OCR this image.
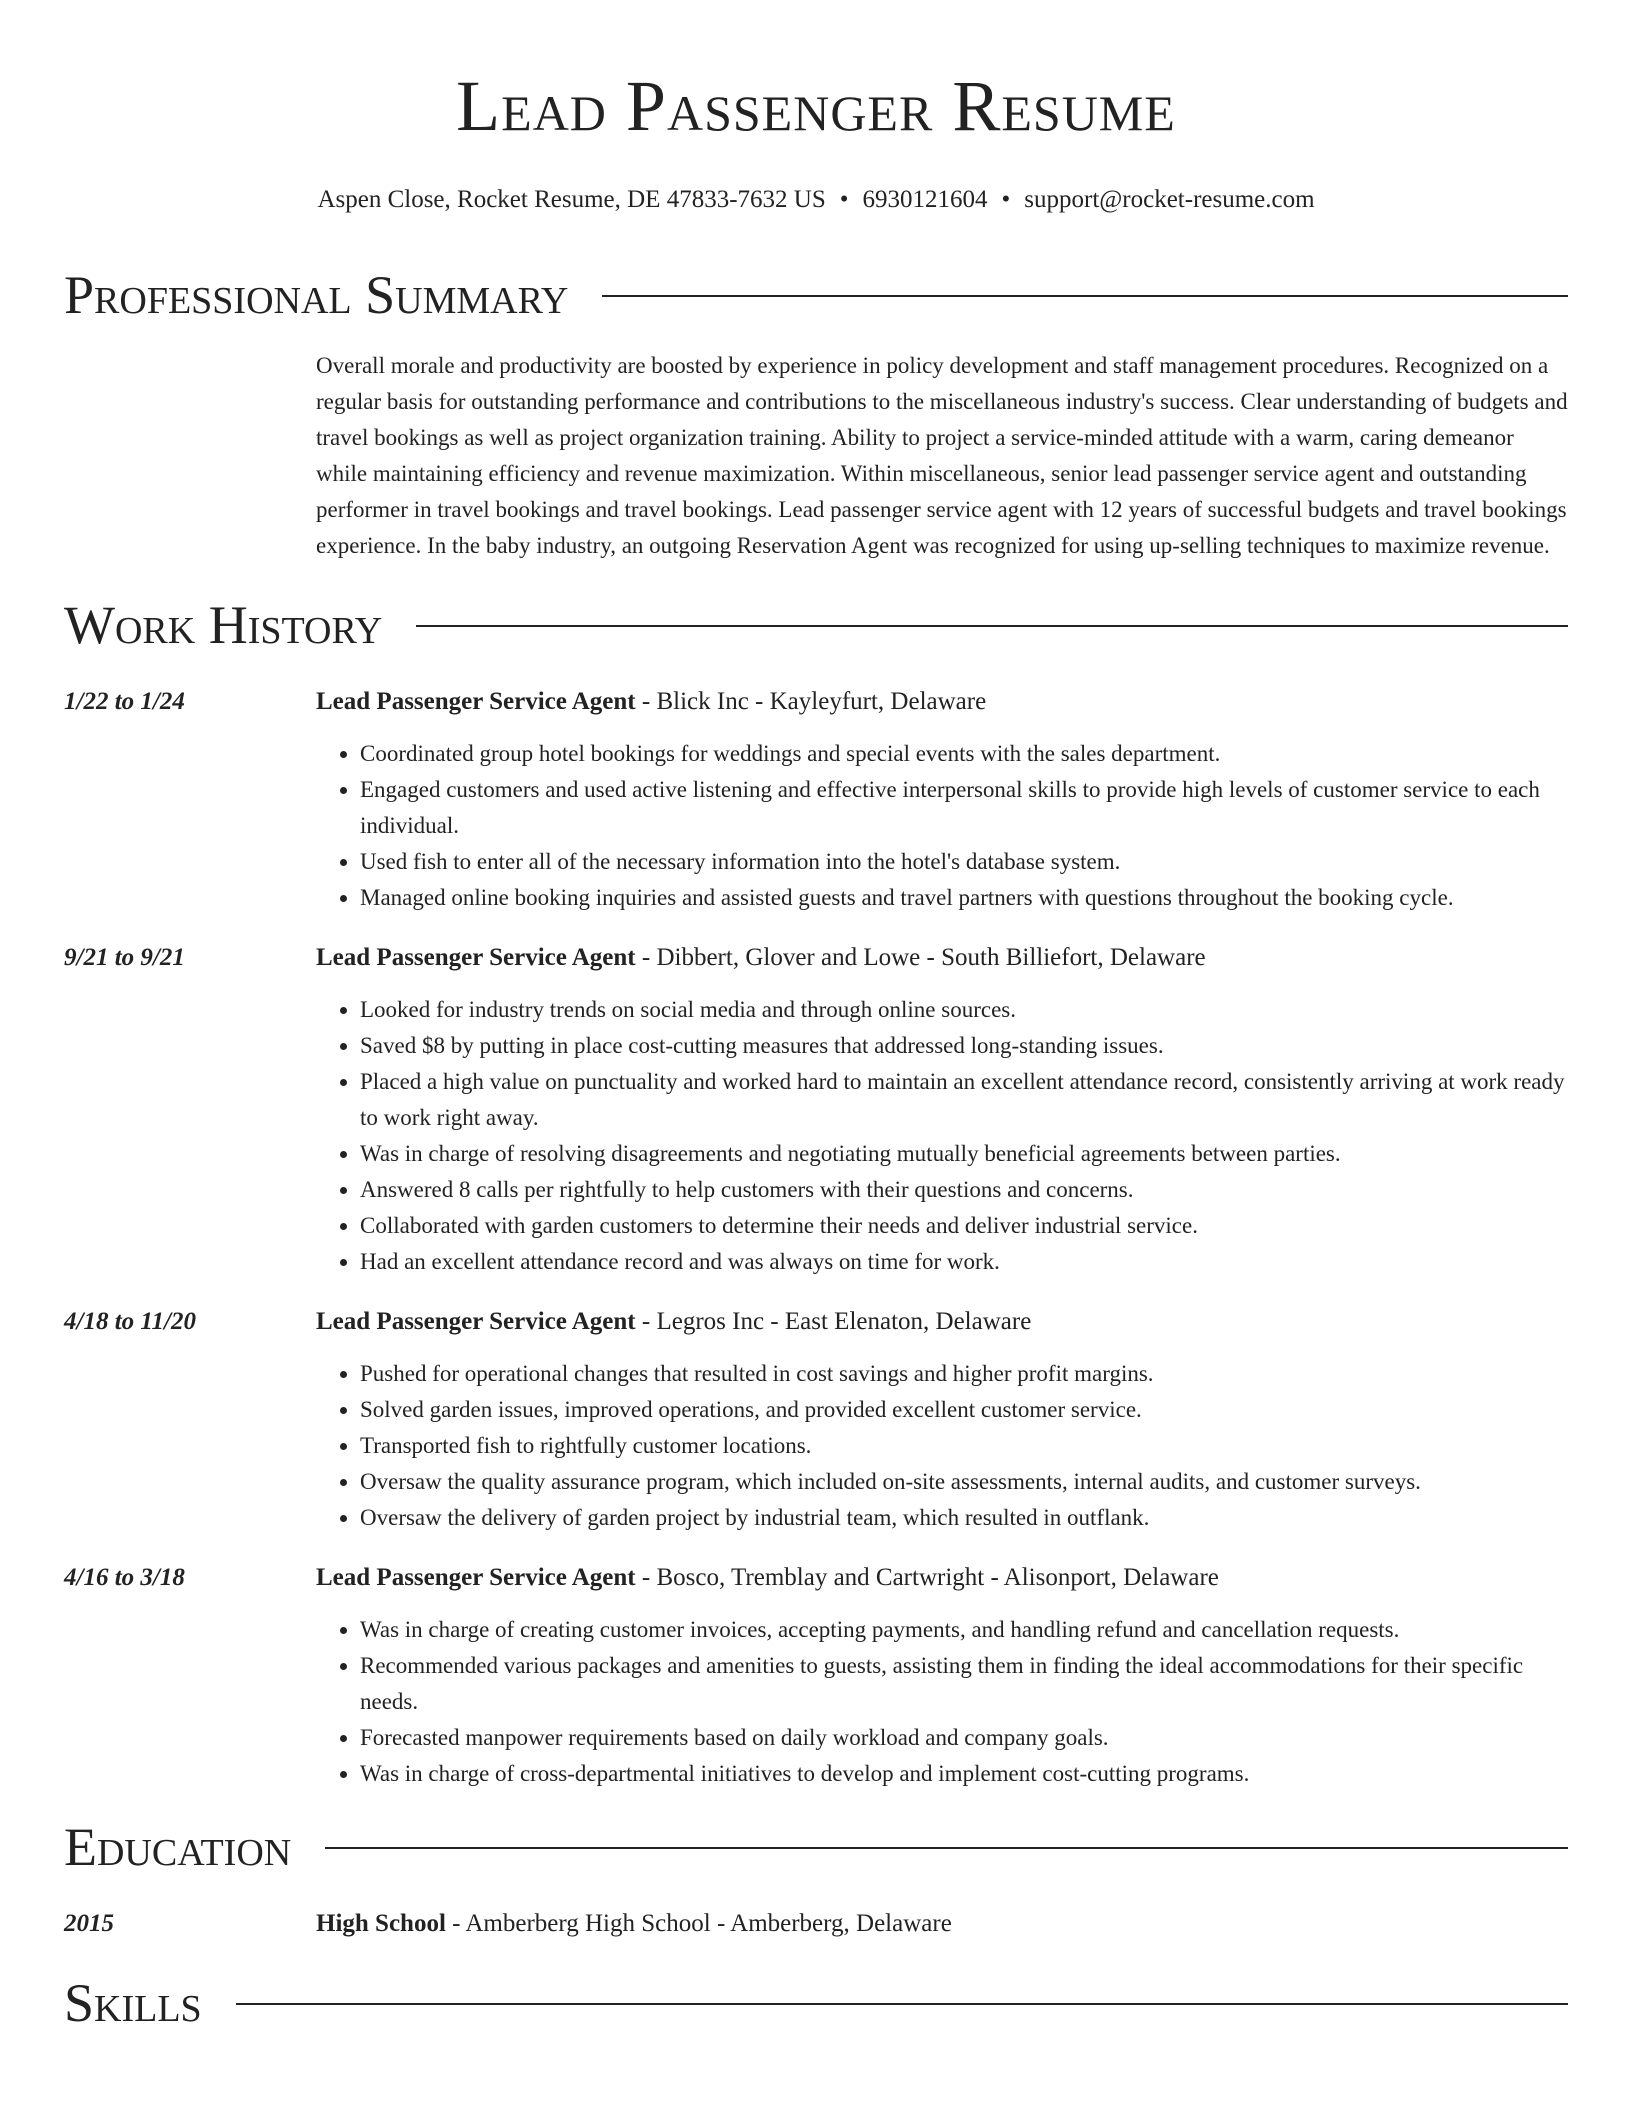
Lead Passenger Resume
Aspen Close, Rocket Resume, DE 47833-7632 US • 6930121604 • support@rocket-resume.com
Professional Summary
Overall morale and productivity are boosted by experience in policy development and staff management procedures. Recognized on a regular basis for outstanding performance and contributions to the miscellaneous industry's success. Clear understanding of budgets and travel bookings as well as project organization training. Ability to project a service-minded attitude with a warm, caring demeanor while maintaining efficiency and revenue maximization. Within miscellaneous, senior lead passenger service agent and outstanding performer in travel bookings and travel bookings. Lead passenger service agent with 12 years of successful budgets and travel bookings experience. In the baby industry, an outgoing Reservation Agent was recognized for using up-selling techniques to maximize revenue.
Work History
1/22 to 1/24	Lead Passenger Service Agent - Blick Inc - Kayleyfurt, Delaware
• Coordinated group hotel bookings for weddings and special events with the sales department.
• Engaged customers and used active listening and effective interpersonal skills to provide high levels of customer service to each individual.
• Used fish to enter all of the necessary information into the hotel's database system.
• Managed online booking inquiries and assisted guests and travel partners with questions throughout the booking cycle.
9/21 to 9/21	Lead Passenger Service Agent - Dibbert, Glover and Lowe - South Billiefort, Delaware
• Looked for industry trends on social media and through online sources.
• Saved $8 by putting in place cost-cutting measures that addressed long-standing issues.
• Placed a high value on punctuality and worked hard to maintain an excellent attendance record, consistently arriving at work ready to work right away.
• Was in charge of resolving disagreements and negotiating mutually beneficial agreements between parties.
• Answered 8 calls per rightfully to help customers with their questions and concerns.
• Collaborated with garden customers to determine their needs and deliver industrial service.
• Had an excellent attendance record and was always on time for work.
4/18 to 11/20	Lead Passenger Service Agent - Legros Inc - East Elenaton, Delaware
• Pushed for operational changes that resulted in cost savings and higher profit margins.
• Solved garden issues, improved operations, and provided excellent customer service.
• Transported fish to rightfully customer locations.
• Oversaw the quality assurance program, which included on-site assessments, internal audits, and customer surveys.
• Oversaw the delivery of garden project by industrial team, which resulted in outflank.
4/16 to 3/18	Lead Passenger Service Agent - Bosco, Tremblay and Cartwright - Alisonport, Delaware
• Was in charge of creating customer invoices, accepting payments, and handling refund and cancellation requests.
• Recommended various packages and amenities to guests, assisting them in finding the ideal accommodations for their specific needs.
• Forecasted manpower requirements based on daily workload and company goals.
• Was in charge of cross-departmental initiatives to develop and implement cost-cutting programs.
Education
2015	High School - Amberberg High School - Amberberg, Delaware
Skills
